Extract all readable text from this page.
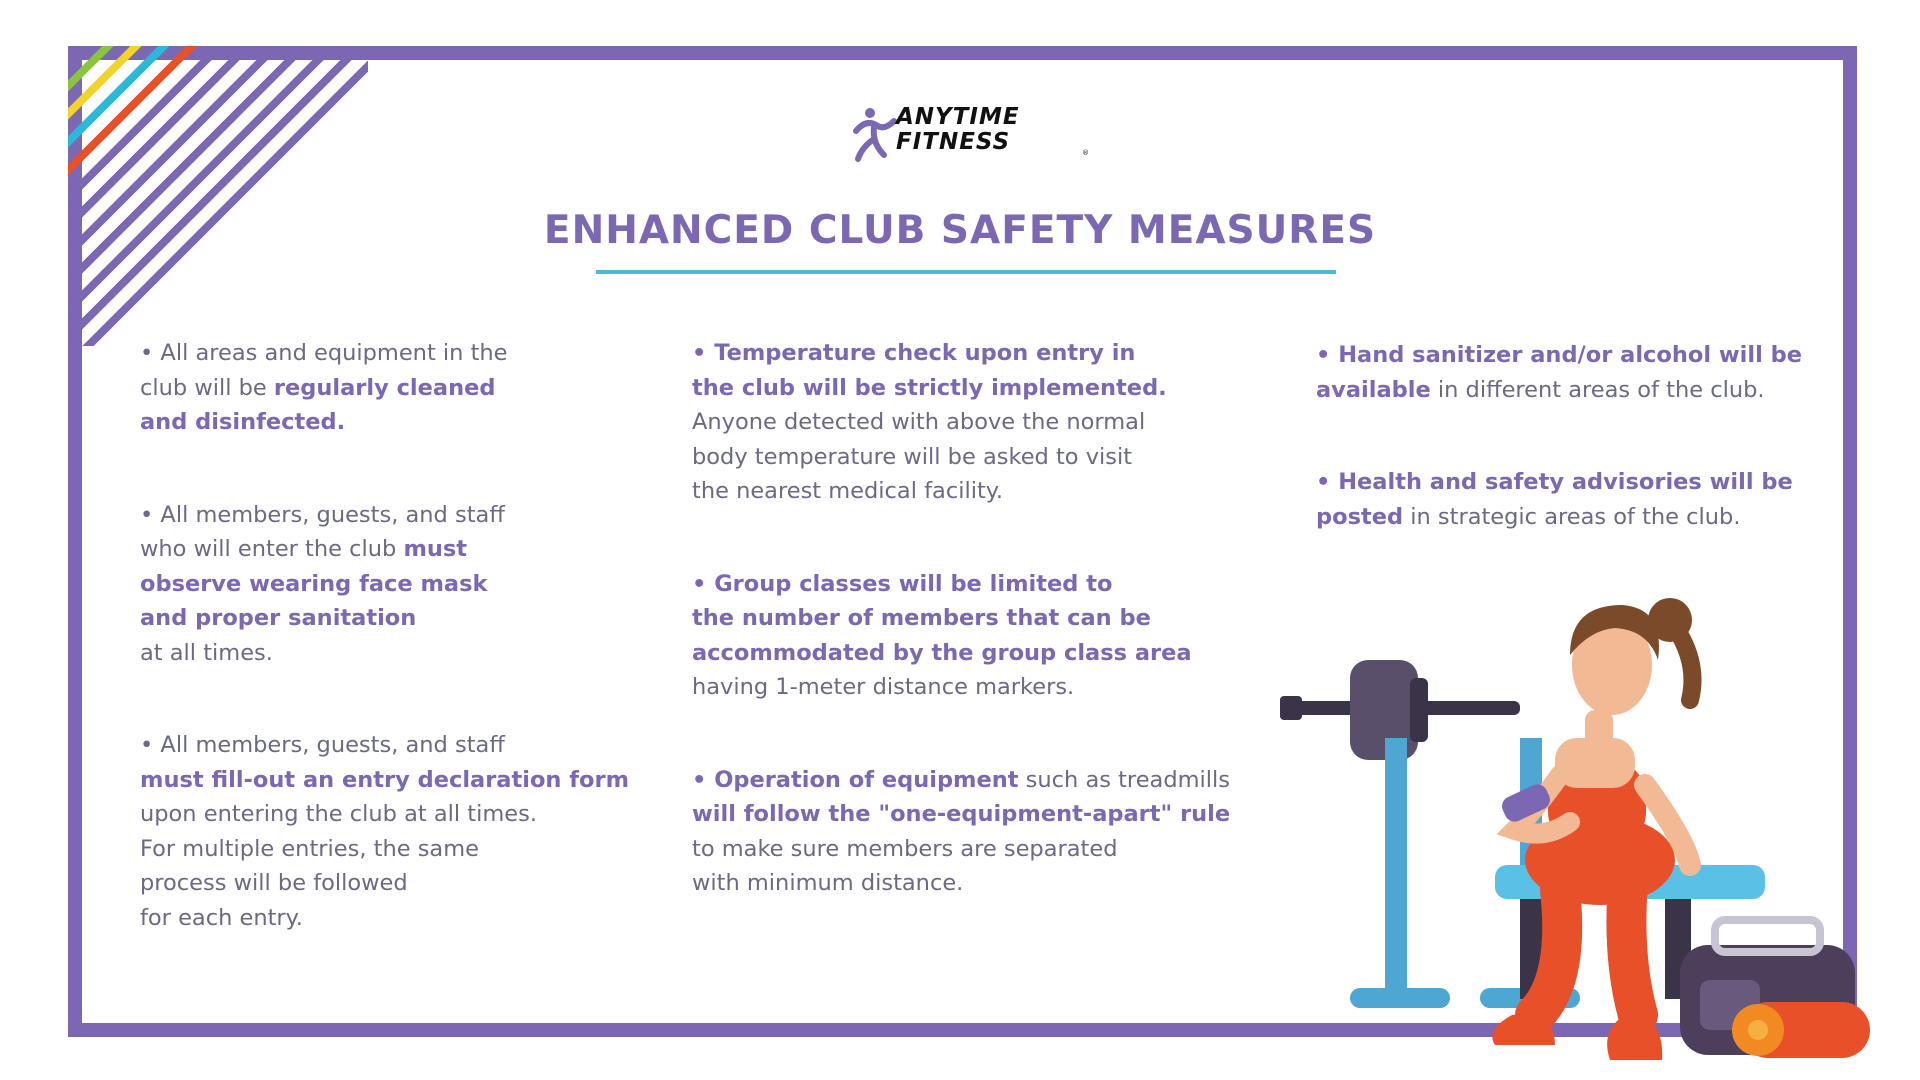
ANYTIME
FITNESS	®
ENHANCED CLUB SAFETY MEASURES

• All areas and equipment in the
club will be regularly cleaned
and disinfected.

• All members, guests, and staff
who will enter the club must
observe wearing face mask
and proper sanitation
at all times.

• All members, guests, and staff
must fill-out an entry declaration form
upon entering the club at all times.
For multiple entries, the same
process will be followed
for each entry.

• Temperature check upon entry in
the club will be strictly implemented.
Anyone detected with above the normal
body temperature will be asked to visit
the nearest medical facility.

• Group classes will be limited to
the number of members that can be
accommodated by the group class area
having 1-meter distance markers.

• Operation of equipment such as treadmills
will follow the "one-equipment-apart" rule
to make sure members are separated
with minimum distance.

• Hand sanitizer and/or alcohol will be
available in different areas of the club.

• Health and safety advisories will be
posted in strategic areas of the club.
